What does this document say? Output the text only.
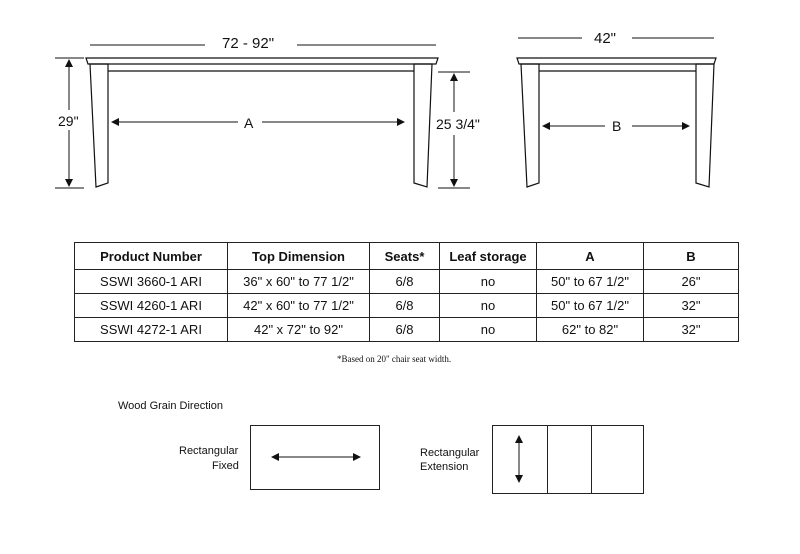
72 - 92"
29"	A	25 3/4"
42"
B
Product Number	Top Dimension	Seats*	Leaf storage	A	B
SSWI 3660-1 ARI	36" x 60" to 77 1/2"	6/8	no	50" to 67 1/2"	26"
SSWI 4260-1 ARI	42" x 60" to 77 1/2"	6/8	no	50" to 67 1/2"	32"
SSWI 4272-1 ARI	42" x 72" to 92"	6/8	no	62" to 82"	32"
*Based on 20" chair seat width.
Wood Grain Direction
Rectangular
Fixed
Rectangular
Extension
